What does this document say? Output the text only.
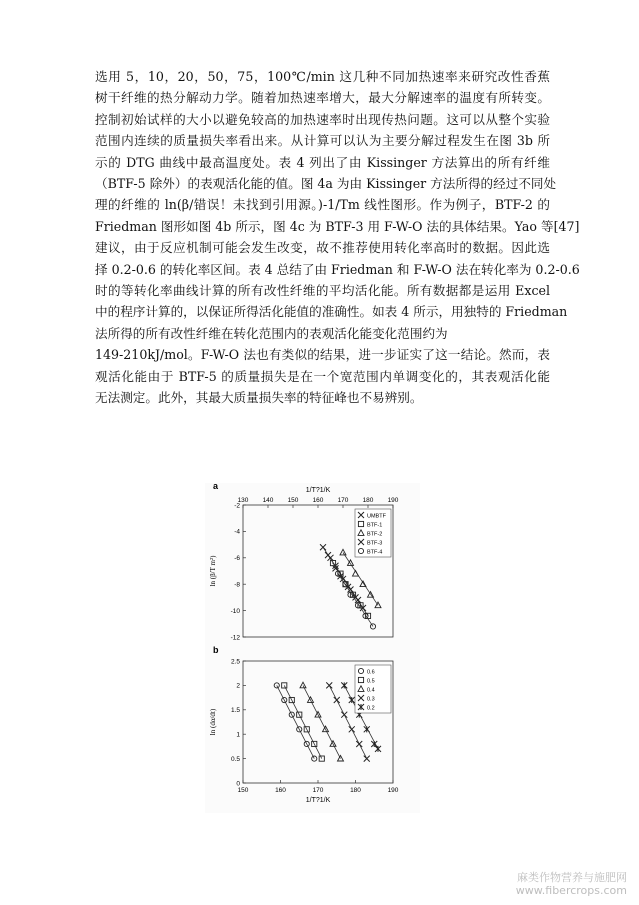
选用 5，10，20，50，75，100℃/min 这几种不同加热速率来研究改性香蕉
树干纤维的热分解动力学。随着加热速率增大，最大分解速率的温度有所转变。
控制初始试样的大小以避免较高的加热速率时出现传热问题。这可以从整个实验
范围内连续的质量损失率看出来。从计算可以认为主要分解过程发生在图 3b 所
示的 DTG 曲线中最高温度处。表 4 列出了由 Kissinger 方法算出的所有纤维
（BTF-5 除外）的表观活化能的值。图 4a 为由 Kissinger 方法所得的经过不同处
理的纤维的 ln(β/错误！未找到引用源。)-1/Tm 线性图形。作为例子，BTF-2 的
Friedman 图形如图 4b 所示，图 4c 为 BTF-3 用 F-W-O 法的具体结果。Yao 等[47]
建议，由于反应机制可能会发生改变，故不推荐使用转化率高时的数据。因此选
择 0.2-0.6 的转化率区间。表 4 总结了由 Friedman 和 F-W-O 法在转化率为 0.2-0.6
时的等转化率曲线计算的所有改性纤维的平均活化能。所有数据都是运用 Excel
中的程序计算的，以保证所得活化能值的准确性。如表 4 所示，用独特的 Friedman
法所得的所有改性纤维在转化范围内的表观活化能变化范围约为
149-210kJ/mol。F-W-O 法也有类似的结果，进一步证实了这一结论。然而，表
观活化能由于 BTF-5 的质量损失是在一个宽范围内单调变化的，其表观活化能
无法测定。此外，其最大质量损失率的特征峰也不易辨别。
a
130 140 150 160 170 180 190
-2
-4
-6
-8
-10
-12
1/T?1/K
ln (β/T m²)
UMBTF
BTF-1
BTF-2
BTF-3
BTF-4
b
150	160	170	180	190
0
0.5
1
1.5
2
2.5
1/T?1/K
ln (dα/dt)
0.6
0.5
0.4
0.3
0.2
麻类作物营养与施肥网
www.fibercrops.com
